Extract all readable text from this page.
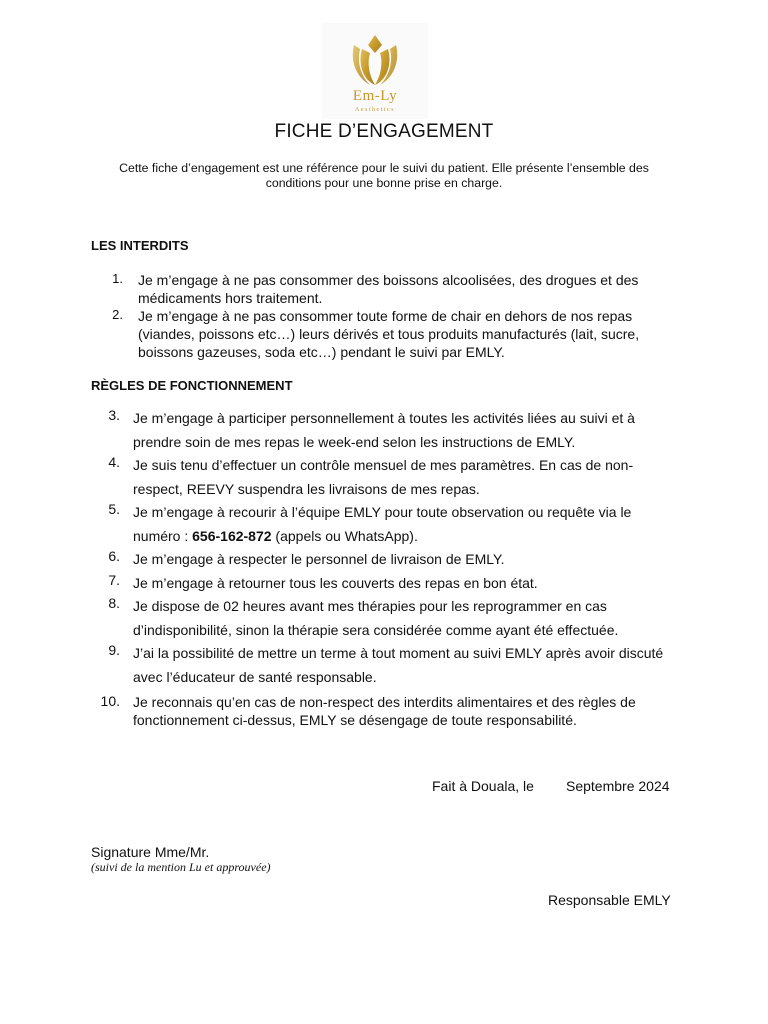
Em-Ly
Aesthetics
FICHE D’ENGAGEMENT
Cette fiche d’engagement est une référence pour le suivi du patient. Elle présente l’ensemble des conditions pour une bonne prise en charge.
LES INTERDITS
1. Je m’engage à ne pas consommer des boissons alcoolisées, des drogues et des médicaments hors traitement.
2. Je m’engage à ne pas consommer toute forme de chair en dehors de nos repas (viandes, poissons etc…) leurs dérivés et tous produits manufacturés (lait, sucre, boissons gazeuses, soda etc…) pendant le suivi par EMLY.
RÈGLES DE FONCTIONNEMENT
3. Je m’engage à participer personnellement à toutes les activités liées au suivi et à prendre soin de mes repas le week-end selon les instructions de EMLY.
4. Je suis tenu d’effectuer un contrôle mensuel de mes paramètres. En cas de non-respect, REEVY suspendra les livraisons de mes repas.
5. Je m’engage à recourir à l’équipe EMLY pour toute observation ou requête via le numéro : 656-162-872 (appels ou WhatsApp).
6. Je m’engage à respecter le personnel de livraison de EMLY.
7. Je m’engage à retourner tous les couverts des repas en bon état.
8. Je dispose de 02 heures avant mes thérapies pour les reprogrammer en cas d’indisponibilité, sinon la thérapie sera considérée comme ayant été effectuée.
9. J’ai la possibilité de mettre un terme à tout moment au suivi EMLY après avoir discuté avec l’éducateur de santé responsable.
10. Je reconnais qu’en cas de non-respect des interdits alimentaires et des règles de fonctionnement ci-dessus, EMLY se désengage de toute responsabilité.
Fait à Douala, le Septembre 2024
Signature Mme/Mr.
(suivi de la mention Lu et approuvée)
Responsable EMLY
